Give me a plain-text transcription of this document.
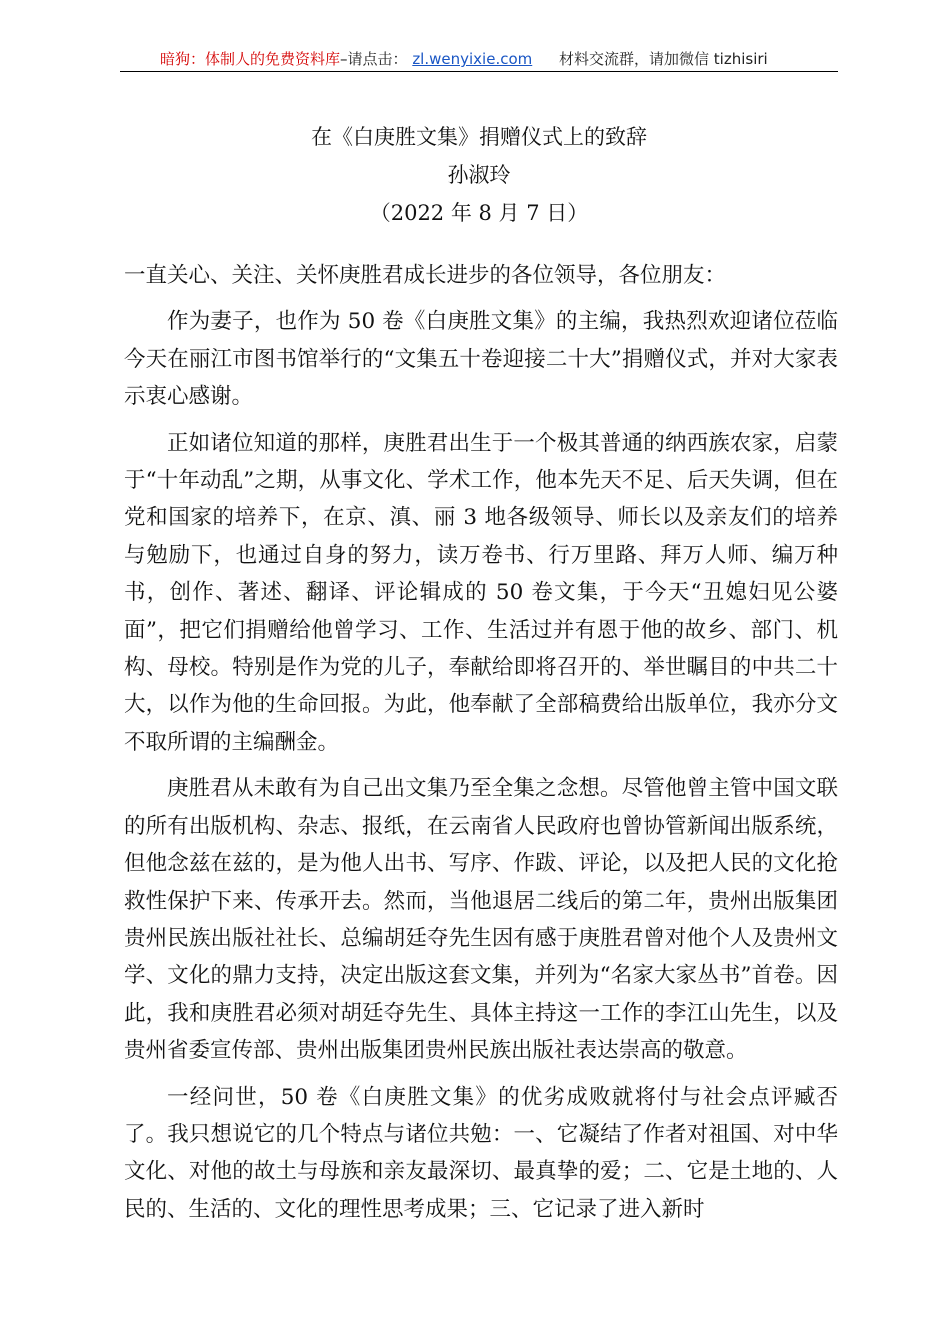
暗狗：体制人的免费资料库–请点击： zl.wenyixie.com 材料交流群，请加微信 tizhisiri
在《白庚胜文集》捐赠仪式上的致辞
孙淑玲
（2022 年 8 月 7 日）

一直关心、关注、关怀庚胜君成长进步的各位领导，各位朋友：

作为妻子，也作为 50 卷《白庚胜文集》的主编，我热烈欢迎诸位莅临今天在丽江市图书馆举行的“文集五十卷迎接二十大”捐赠仪式，并对大家表示衷心感谢。

正如诸位知道的那样，庚胜君出生于一个极其普通的纳西族农家，启蒙于“十年动乱”之期，从事文化、学术工作，他本先天不足、后天失调，但在党和国家的培养下，在京、滇、丽 3 地各级领导、师长以及亲友们的培养与勉励下，也通过自身的努力，读万卷书、行万里路、拜万人师、编万种书，创作、著述、翻译、评论辑成的 50 卷文集，于今天“丑媳妇见公婆面”，把它们捐赠给他曾学习、工作、生活过并有恩于他的故乡、部门、机构、母校。特别是作为党的儿子，奉献给即将召开的、举世瞩目的中共二十大，以作为他的生命回报。为此，他奉献了全部稿费给出版单位，我亦分文不取所谓的主编酬金。

庚胜君从未敢有为自己出文集乃至全集之念想。尽管他曾主管中国文联的所有出版机构、杂志、报纸，在云南省人民政府也曾协管新闻出版系统，但他念兹在兹的，是为他人出书、写序、作跋、评论，以及把人民的文化抢救性保护下来、传承开去。然而，当他退居二线后的第二年，贵州出版集团贵州民族出版社社长、总编胡廷夺先生因有感于庚胜君曾对他个人及贵州文学、文化的鼎力支持，决定出版这套文集，并列为“名家大家丛书”首卷。因此，我和庚胜君必须对胡廷夺先生、具体主持这一工作的李江山先生，以及贵州省委宣传部、贵州出版集团贵州民族出版社表达崇高的敬意。

一经问世，50 卷《白庚胜文集》的优劣成败就将付与社会点评臧否了。我只想说它的几个特点与诸位共勉：一、它凝结了作者对祖国、对中华文化、对他的故土与母族和亲友最深切、最真挚的爱；二、它是土地的、人民的、生活的、文化的理性思考成果；三、它记录了进入新时
